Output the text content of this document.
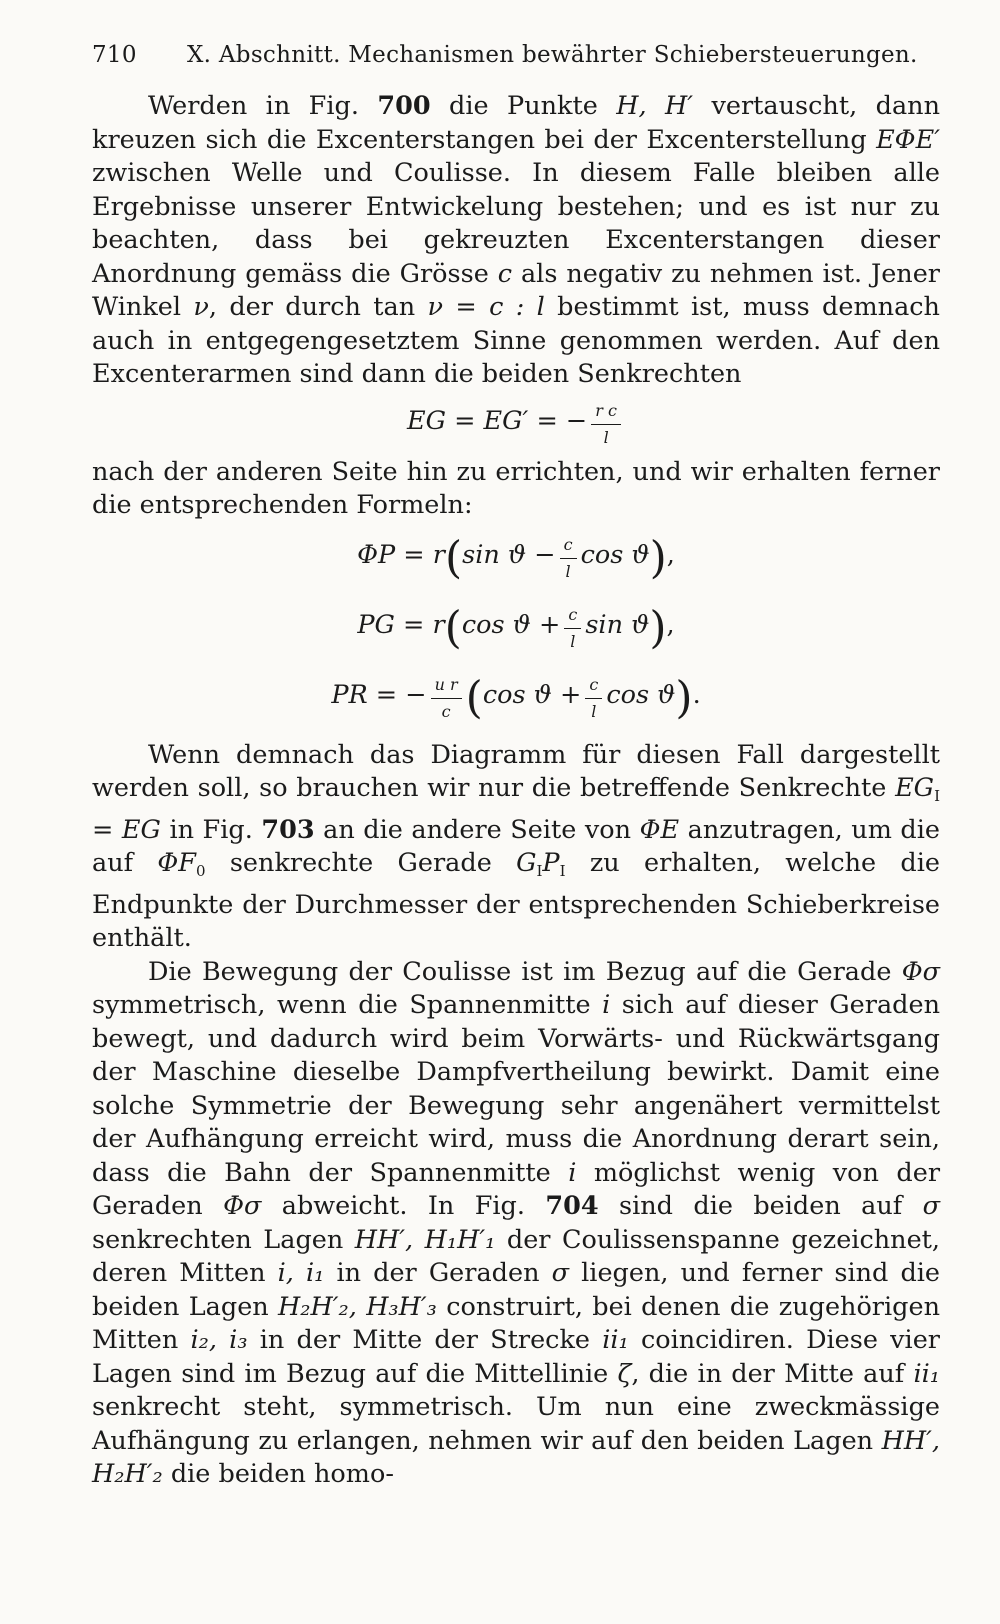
710 X. Abschnitt. Mechanismen bewährter Schiebersteuerungen.

Werden in Fig. 700 die Punkte H, H′ vertauscht, dann kreuzen sich die Excenterstangen bei der Excenterstellung EΦE′ zwischen Welle und Coulisse. In diesem Falle bleiben alle Ergebnisse unserer Entwickelung bestehen; und es ist nur zu beachten, dass bei gekreuzten Excenterstangen dieser Anordnung gemäss die Grösse c als negativ zu nehmen ist. Jener Winkel ν, der durch tan ν = c : l bestimmt ist, muss demnach auch in entgegengesetztem Sinne genommen werden. Auf den Excenterarmen sind dann die beiden Senkrechten

EG = EG′ = − $\frac{\text{r c}}{l}$

nach der anderen Seite hin zu errichten, und wir erhalten ferner die entsprechenden Formeln:

ΦP = r(sin $ϑ - \frac{c}{l}$ cos ϑ),
PG = r(cos $ϑ + \frac{c}{l}$ sin ϑ),
PR = − $\frac{\text{u r}}{c} (\cos$ $ϑ + \frac{c}{l}$ cos ϑ).

Wenn demnach das Diagramm für diesen Fall dargestellt werden soll, so brauchen wir nur die betreffende Senkrechte $EG_I$ = EG in Fig. 703 an die andere Seite von ΦE anzutragen, um die auf $\Phi F_0$ senkrechte Gerade $G_IP_I$ zu erhalten, welche die Endpunkte der Durchmesser der entsprechenden Schieberkreise enthält.

Die Bewegung der Coulisse ist im Bezug auf die Gerade Φσ symmetrisch, wenn die Spannenmitte i sich auf dieser Geraden bewegt, und dadurch wird beim Vorwärts- und Rückwärtsgang der Maschine dieselbe Dampfvertheilung bewirkt. Damit eine solche Symmetrie der Bewegung sehr angenähert vermittelst der Aufhängung erreicht wird, muss die Anordnung derart sein, dass die Bahn der Spannenmitte i möglichst wenig von der Geraden Φσ abweicht. In Fig. 704 sind die beiden auf σ senkrechten Lagen HH′, H₁H′₁ der Coulissenspanne gezeichnet, deren Mitten i, i₁ in der Geraden σ liegen, und ferner sind die beiden Lagen H₂H′₂, H₃H′₃ construirt, bei denen die zugehörigen Mitten i₂, i₃ in der Mitte der Strecke ii₁ coincidiren. Diese vier Lagen sind im Bezug auf die Mittellinie ζ, die in der Mitte auf ii₁ senkrecht steht, symmetrisch. Um nun eine zweckmässige Aufhängung zu erlangen, nehmen wir auf den beiden Lagen HH′, H₂H′₂ die beiden homo-
